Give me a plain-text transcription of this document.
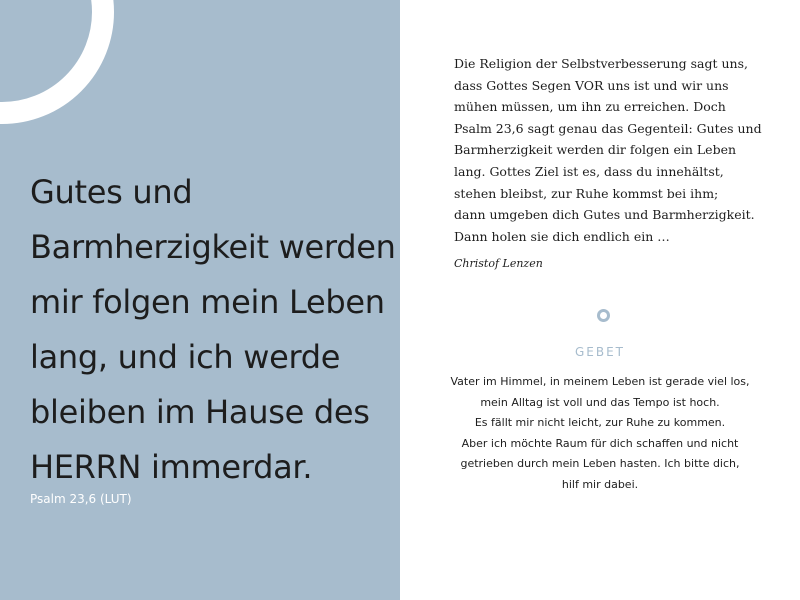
Gutes und
Barmherzigkeit werden
mir folgen mein Leben
lang, und ich werde
bleiben im Hause des
HERRN immerdar.
Psalm 23,6 (LUT)
Die Religion der Selbstverbesserung sagt uns,
dass Gottes Segen VOR uns ist und wir uns
mühen müssen, um ihn zu erreichen. Doch
Psalm 23,6 sagt genau das Gegenteil: Gutes und
Barmherzigkeit werden dir folgen ein Leben
lang. Gottes Ziel ist es, dass du innehältst,
stehen bleibst, zur Ruhe kommst bei ihm;
dann umgeben dich Gutes und Barmherzigkeit.
Dann holen sie dich endlich ein …
Christof Lenzen
GEBET
Vater im Himmel, in meinem Leben ist gerade viel los,
mein Alltag ist voll und das Tempo ist hoch.
Es fällt mir nicht leicht, zur Ruhe zu kommen.
Aber ich möchte Raum für dich schaffen und nicht
getrieben durch mein Leben hasten. Ich bitte dich,
hilf mir dabei.
